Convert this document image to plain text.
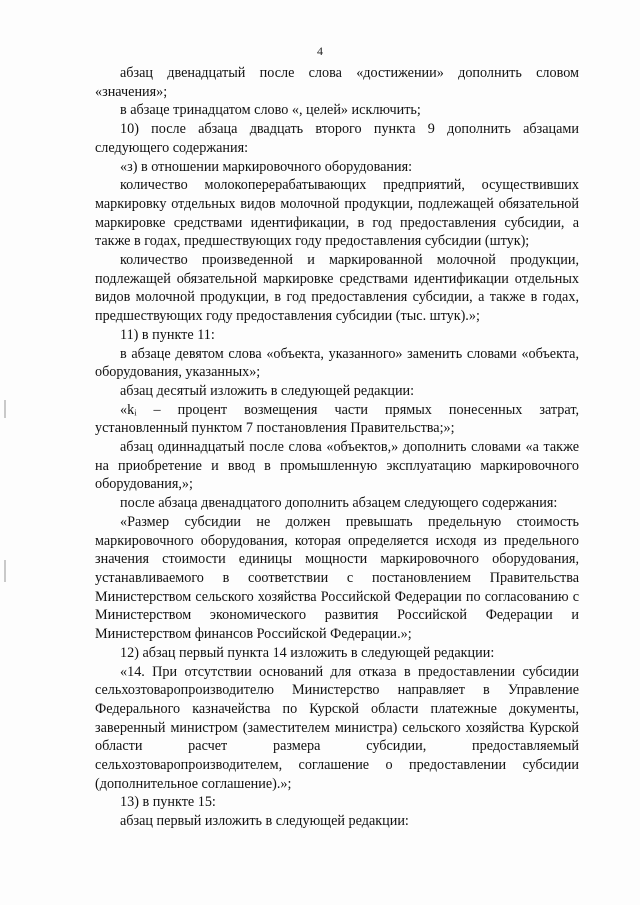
4

абзац двенадцатый после слова «достижении» дополнить словом «значения»;

в абзаце тринадцатом слово «, целей» исключить;

10) после абзаца двадцать второго пункта 9 дополнить абзацами следующего содержания:

«з) в отношении маркировочного оборудования:

количество молокоперерабатывающих предприятий, осуществивших маркировку отдельных видов молочной продукции, подлежащей обязательной маркировке средствами идентификации, в год предоставления субсидии, а также в годах, предшествующих году предоставления субсидии (штук);

количество произведенной и маркированной молочной продукции, подлежащей обязательной маркировке средствами идентификации отдельных видов молочной продукции, в год предоставления субсидии, а также в годах, предшествующих году предоставления субсидии (тыс. штук).»;

11) в пункте 11:

в абзаце девятом слова «объекта, указанного» заменить словами «объекта, оборудования, указанных»;

абзац десятый изложить в следующей редакции:

«kᵢ – процент возмещения части прямых понесенных затрат, установленный пунктом 7 постановления Правительства;»;

абзац одиннадцатый после слова «объектов,» дополнить словами «а также на приобретение и ввод в промышленную эксплуатацию маркировочного оборудования,»;

после абзаца двенадцатого дополнить абзацем следующего содержания:

«Размер субсидии не должен превышать предельную стоимость маркировочного оборудования, которая определяется исходя из предельного значения стоимости единицы мощности маркировочного оборудования, устанавливаемого в соответствии с постановлением Правительства Министерством сельского хозяйства Российской Федерации по согласованию с Министерством экономического развития Российской Федерации и Министерством финансов Российской Федерации.»;

12) абзац первый пункта 14 изложить в следующей редакции:

«14. При отсутствии оснований для отказа в предоставлении субсидии сельхозтоваропроизводителю Министерство направляет в Управление Федерального казначейства по Курской области платежные документы, заверенный министром (заместителем министра) сельского хозяйства Курской области расчет размера субсидии, предоставляемый сельхозтоваропроизводителем, соглашение о предоставлении субсидии (дополнительное соглашение).»;

13) в пункте 15:

абзац первый изложить в следующей редакции:
